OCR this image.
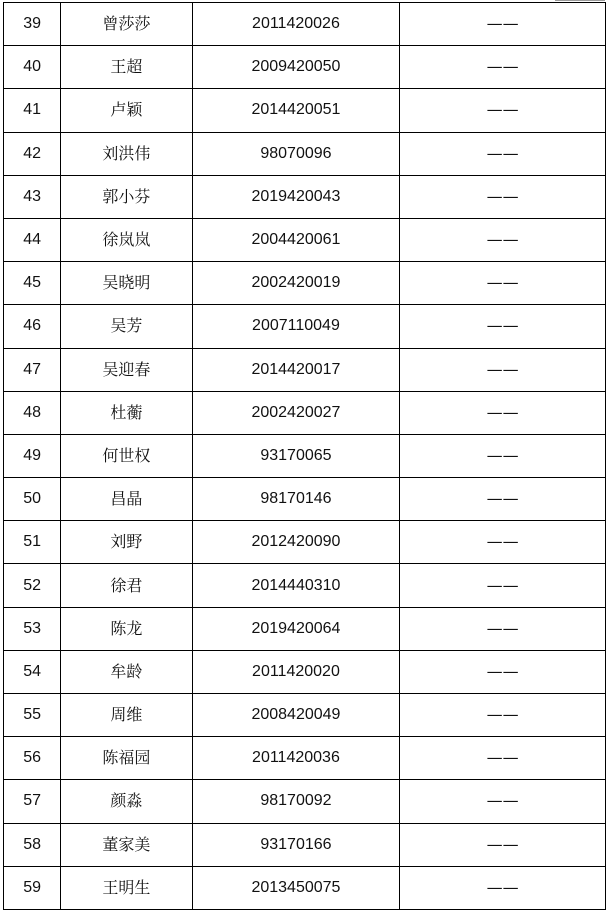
39	曾莎莎	2011420026	——
40	王超	2009420050	——
41	卢颖	2014420051	——
42	刘洪伟	98070096	——
43	郭小芬	2019420043	——
44	徐岚岚	2004420061	——
45	吴晓明	2002420019	——
46	吴芳	2007110049	——
47	吴迎春	2014420017	——
48	杜蘅	2002420027	——
49	何世权	93170065	——
50	昌晶	98170146	——
51	刘野	2012420090	——
52	徐君	2014440310	——
53	陈龙	2019420064	——
54	牟龄	2011420020	——
55	周维	2008420049	——
56	陈福园	2011420036	——
57	颜淼	98170092	——
58	董家美	93170166	——
59	王明生	2013450075	——
